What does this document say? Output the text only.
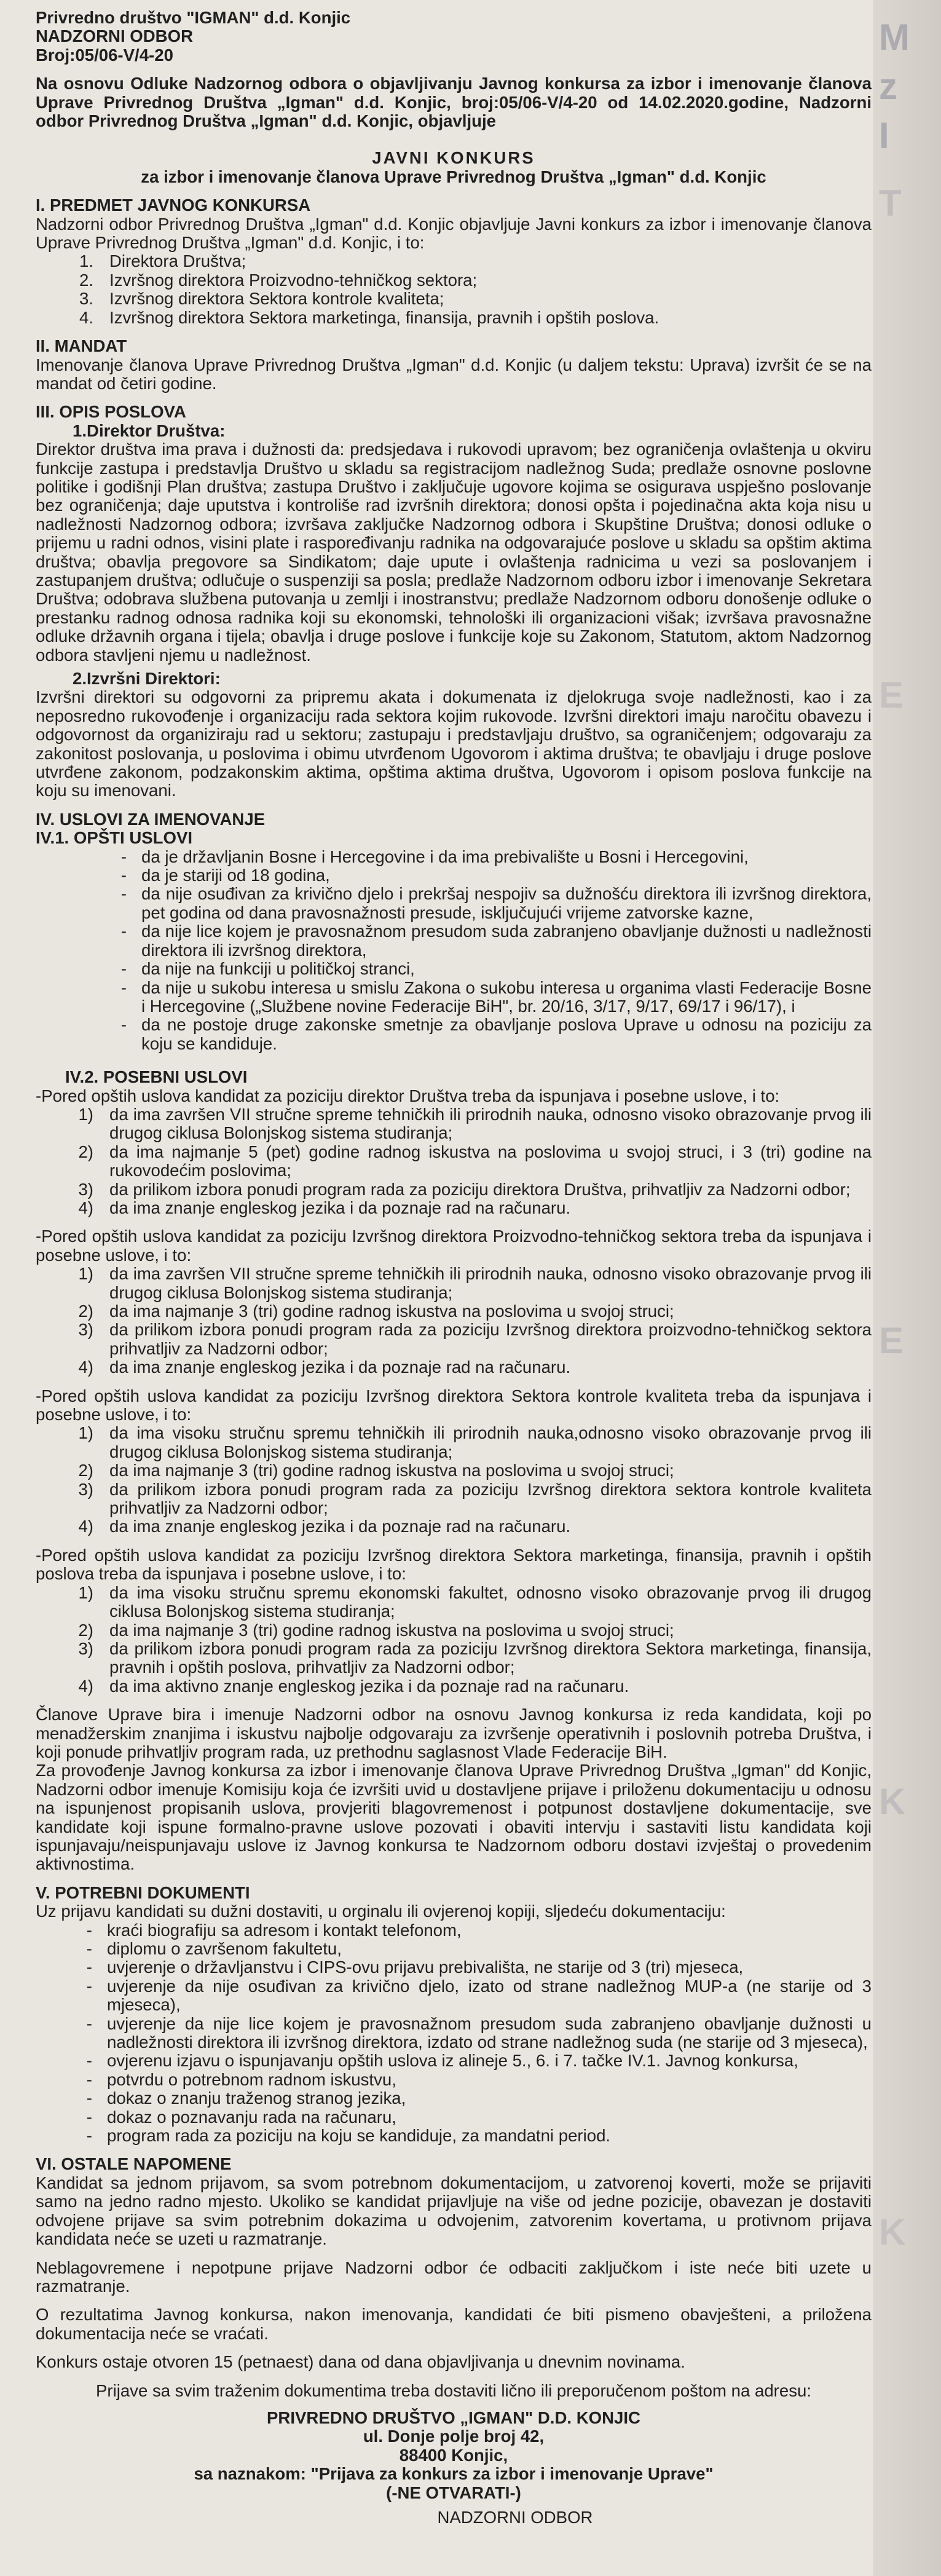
M
z
I
T
E
E
K
K
Privredno društvo "IGMAN" d.d. Konjic
NADZORNI ODBOR
Broj:05/06-V/4-20

Na osnovu Odluke Nadzornog odbora o objavljivanju Javnog konkursa za izbor i imenovanje članova Uprave Privrednog Društva „Igman" d.d. Konjic, broj:05/06-V/4-20 od 14.02.2020.godine, Nadzorni odbor Privrednog Društva „Igman" d.d. Konjic, objavljuje

JAVNI KONKURS
za izbor i imenovanje članova Uprave Privrednog Društva „Igman" d.d. Konjic
I. PREDMET JAVNOG KONKURSA

Nadzorni odbor Privrednog Društva „Igman" d.d. Konjic objavljuje Javni konkurs za izbor i imenovanje članova Uprave Privrednog Društva „Igman" d.d. Konjic, i to:

1. Direktora Društva;
2. Izvršnog direktora Proizvodno-tehničkog sektora;
3. Izvršnog direktora Sektora kontrole kvaliteta;
4. Izvršnog direktora Sektora marketinga, finansija, pravnih i opštih poslova.
II. MANDAT

Imenovanje članova Uprave Privrednog Društva „Igman" d.d. Konjic (u daljem tekstu: Uprava) izvršit će se na mandat od četiri godine.

III. OPIS POSLOVA
1.Direktor Društva:

Direktor društva ima prava i dužnosti da: predsjedava i rukovodi upravom; bez ograničenja ovlaštenja u okviru funkcije zastupa i predstavlja Društvo u skladu sa registracijom nadležnog Suda; predlaže osnovne poslovne politike i godišnji Plan društva; zastupa Društvo i zaključuje ugovore kojima se osigurava uspješno poslovanje bez ograničenja; daje uputstva i kontroliše rad izvršnih direktora; donosi opšta i pojedinačna akta koja nisu u nadležnosti Nadzornog odbora; izvršava zaključke Nadzornog odbora i Skupštine Društva; donosi odluke o prijemu u radni odnos, visini plate i raspoređivanju radnika na odgovarajuće poslove u skladu sa opštim aktima društva; obavlja pregovore sa Sindikatom; daje upute i ovlaštenja radnicima u vezi sa poslovanjem i zastupanjem društva; odlučuje o suspenziji sa posla; predlaže Nadzornom odboru izbor i imenovanje Sekretara Društva; odobrava službena putovanja u zemlji i inostranstvu; predlaže Nadzornom odboru donošenje odluke o prestanku radnog odnosa radnika koji su ekonomski, tehnološki ili organizacioni višak; izvršava pravosnažne odluke državnih organa i tijela; obavlja i druge poslove i funkcije koje su Zakonom, Statutom, aktom Nadzornog odbora stavljeni njemu u nadležnost.

2.Izvršni Direktori:

Izvršni direktori su odgovorni za pripremu akata i dokumenata iz djelokruga svoje nadležnosti, kao i za neposredno rukovođenje i organizaciju rada sektora kojim rukovode. Izvršni direktori imaju naročitu obavezu i odgovornost da organiziraju rad u sektoru; zastupaju i predstavljaju društvo, sa ograničenjem; odgovaraju za zakonitost poslovanja, u poslovima i obimu utvrđenom Ugovorom i aktima društva; te obavljaju i druge poslove utvrđene zakonom, podzakonskim aktima, opštima aktima društva, Ugovorom i opisom poslova funkcije na koju su imenovani.

IV. USLOVI ZA IMENOVANJE
IV.1. OPŠTI USLOVI
- da je državljanin Bosne i Hercegovine i da ima prebivalište u Bosni i Hercegovini,
- da je stariji od 18 godina,
- da nije osuđivan za krivično djelo i prekršaj nespojiv sa dužnošću direktora ili izvršnog direktora, pet godina od dana pravosnažnosti presude, isključujući vrijeme zatvorske kazne,
- da nije lice kojem je pravosnažnom presudom suda zabranjeno obavljanje dužnosti u nadležnosti direktora ili izvršnog direktora,
- da nije na funkciji u političkoj stranci,
- da nije u sukobu interesa u smislu Zakona o sukobu interesa u organima vlasti Federacije Bosne i Hercegovine („Službene novine Federacije BiH", br. 20/16, 3/17, 9/17, 69/17 i 96/17), i
- da ne postoje druge zakonske smetnje za obavljanje poslova Uprave u odnosu na poziciju za koju se kandiduje.
IV.2. POSEBNI USLOVI

-Pored opštih uslova kandidat za poziciju direktor Društva treba da ispunjava i posebne uslove, i to:

1) da ima završen VII stručne spreme tehničkih ili prirodnih nauka, odnosno visoko obrazovanje prvog ili drugog ciklusa Bolonjskog sistema studiranja;
2) da ima najmanje 5 (pet) godine radnog iskustva na poslovima u svojoj struci, i 3 (tri) godine na rukovodećim poslovima;
3) da prilikom izbora ponudi program rada za poziciju direktora Društva, prihvatljiv za Nadzorni odbor;
4) da ima znanje engleskog jezika i da poznaje rad na računaru.

-Pored opštih uslova kandidat za poziciju Izvršnog direktora Proizvodno-tehničkog sektora treba da ispunjava i posebne uslove, i to:

1) da ima završen VII stručne spreme tehničkih ili prirodnih nauka, odnosno visoko obrazovanje prvog ili drugog ciklusa Bolonjskog sistema studiranja;
2) da ima najmanje 3 (tri) godine radnog iskustva na poslovima u svojoj struci;
3) da prilikom izbora ponudi program rada za poziciju Izvršnog direktora proizvodno-tehničkog sektora prihvatljiv za Nadzorni odbor;
4) da ima znanje engleskog jezika i da poznaje rad na računaru.

-Pored opštih uslova kandidat za poziciju Izvršnog direktora Sektora kontrole kvaliteta treba da ispunjava i posebne uslove, i to:

1) da ima visoku stručnu spremu tehničkih ili prirodnih nauka,odnosno visoko obrazovanje prvog ili drugog ciklusa Bolonjskog sistema studiranja;
2) da ima najmanje 3 (tri) godine radnog iskustva na poslovima u svojoj struci;
3) da prilikom izbora ponudi program rada za poziciju Izvršnog direktora sektora kontrole kvaliteta prihvatljiv za Nadzorni odbor;
4) da ima znanje engleskog jezika i da poznaje rad na računaru.

-Pored opštih uslova kandidat za poziciju Izvršnog direktora Sektora marketinga, finansija, pravnih i opštih poslova treba da ispunjava i posebne uslove, i to:

1) da ima visoku stručnu spremu ekonomski fakultet, odnosno visoko obrazovanje prvog ili drugog ciklusa Bolonjskog sistema studiranja;
2) da ima najmanje 3 (tri) godine radnog iskustva na poslovima u svojoj struci;
3) da prilikom izbora ponudi program rada za poziciju Izvršnog direktora Sektora marketinga, finansija, pravnih i opštih poslova, prihvatljiv za Nadzorni odbor;
4) da ima aktivno znanje engleskog jezika i da poznaje rad na računaru.

Članove Uprave bira i imenuje Nadzorni odbor na osnovu Javnog konkursa iz reda kandidata, koji po menadžerskim znanjima i iskustvu najbolje odgovaraju za izvršenje operativnih i poslovnih potreba Društva, i koji ponude prihvatljiv program rada, uz prethodnu saglasnost Vlade Federacije BiH.

Za provođenje Javnog konkursa za izbor i imenovanje članova Uprave Privrednog Društva „Igman" dd Konjic, Nadzorni odbor imenuje Komisiju koja će izvršiti uvid u dostavljene prijave i priloženu dokumentaciju u odnosu na ispunjenost propisanih uslova, provjeriti blagovremenost i potpunost dostavljene dokumentacije, sve kandidate koji ispune formalno-pravne uslove pozovati i obaviti intervju i sastaviti listu kandidata koji ispunjavaju/neispunjavaju uslove iz Javnog konkursa te Nadzornom odboru dostavi izvještaj o provedenim aktivnostima.

V. POTREBNI DOKUMENTI

Uz prijavu kandidati su dužni dostaviti, u orginalu ili ovjerenoj kopiji, sljedeću dokumentaciju:

- kraći biografiju sa adresom i kontakt telefonom,
- diplomu o završenom fakultetu,
- uvjerenje o državljanstvu i CIPS-ovu prijavu prebivališta, ne starije od 3 (tri) mjeseca,
- uvjerenje da nije osuđivan za krivično djelo, izato od strane nadležnog MUP-a (ne starije od 3 mjeseca),
- uvjerenje da nije lice kojem je pravosnažnom presudom suda zabranjeno obavljanje dužnosti u nadležnosti direktora ili izvršnog direktora, izdato od strane nadležnog suda (ne starije od 3 mjeseca),
- ovjerenu izjavu o ispunjavanju opštih uslova iz alineje 5., 6. i 7. tačke IV.1. Javnog konkursa,
- potvrdu o potrebnom radnom iskustvu,
- dokaz o znanju traženog stranog jezika,
- dokaz o poznavanju rada na računaru,
- program rada za poziciju na koju se kandiduje, za mandatni period.
VI. OSTALE NAPOMENE

Kandidat sa jednom prijavom, sa svom potrebnom dokumentacijom, u zatvorenoj koverti, može se prijaviti samo na jedno radno mjesto. Ukoliko se kandidat prijavljuje na više od jedne pozicije, obavezan je dostaviti odvojene prijave sa svim potrebnim dokazima u odvojenim, zatvorenim kovertama, u protivnom prijava kandidata neće se uzeti u razmatranje.

Neblagovremene i nepotpune prijave Nadzorni odbor će odbaciti zaključkom i iste neće biti uzete u razmatranje.

O rezultatima Javnog konkursa, nakon imenovanja, kandidati će biti pismeno obavješteni, a priložena dokumentacija neće se vraćati.

Konkurs ostaje otvoren 15 (petnaest) dana od dana objavljivanja u dnevnim novinama.

Prijave sa svim traženim dokumentima treba dostaviti lično ili preporučenom poštom na adresu:

PRIVREDNO DRUŠTVO „IGMAN" D.D. KONJIC
ul. Donje polje broj 42,
88400 Konjic,
sa naznakom: "Prijava za konkurs za izbor i imenovanje Uprave"
(-NE OTVARATI-)
NADZORNI ODBOR
